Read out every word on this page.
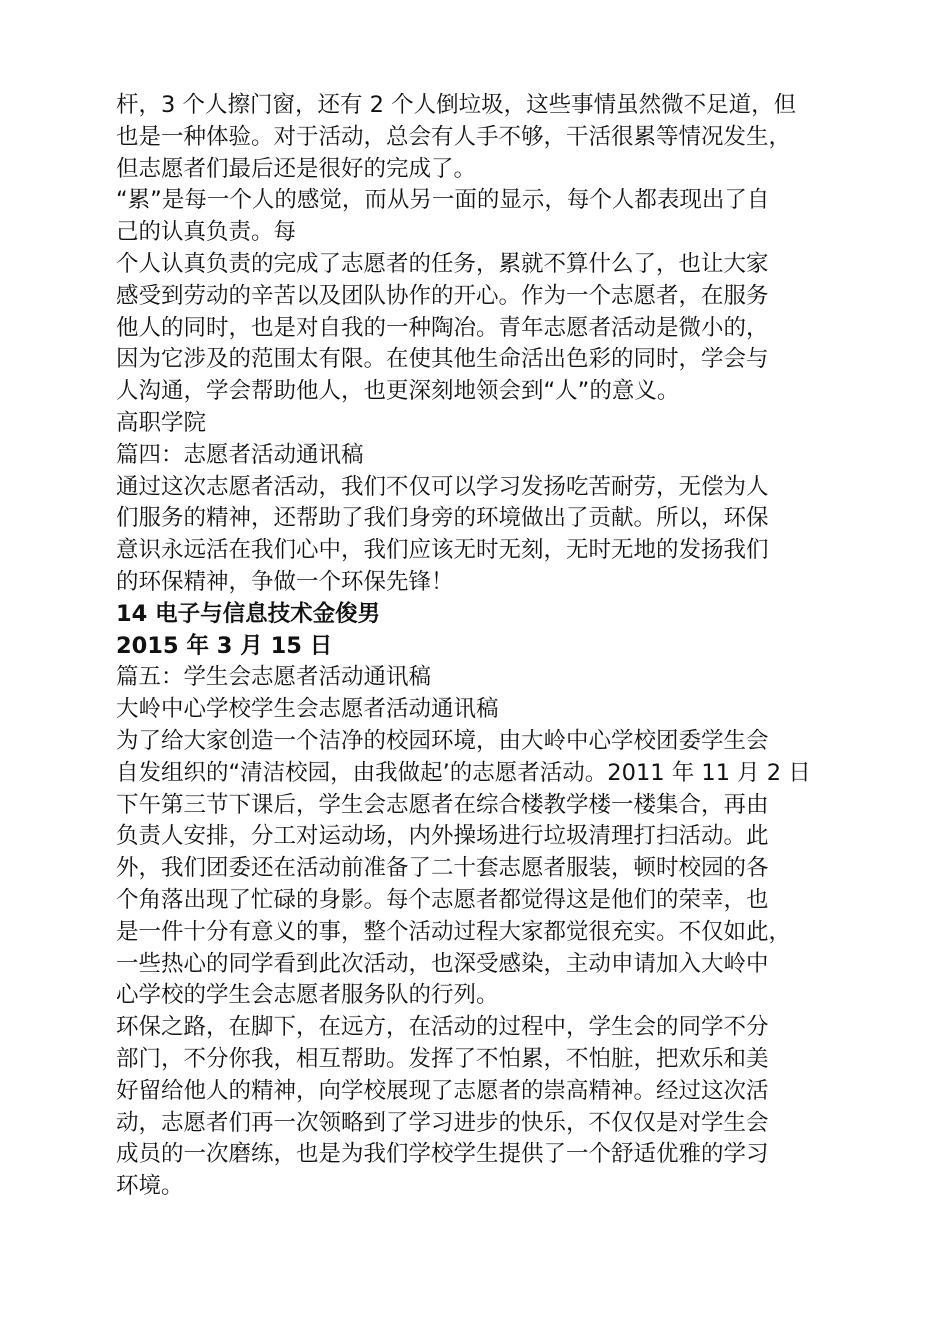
杆，3 个人擦门窗，还有 2 个人倒垃圾，这些事情虽然微不足道，但
也是一种体验。对于活动，总会有人手不够，干活很累等情况发生，
但志愿者们最后还是很好的完成了。
“累”是每一个人的感觉，而从另一面的显示，每个人都表现出了自
己的认真负责。每
个人认真负责的完成了志愿者的任务，累就不算什么了，也让大家
感受到劳动的辛苦以及团队协作的开心。作为一个志愿者，在服务
他人的同时，也是对自我的一种陶冶。青年志愿者活动是微小的，
因为它涉及的范围太有限。在使其他生命活出色彩的同时，学会与
人沟通，学会帮助他人，也更深刻地领会到“人”的意义。
高职学院
篇四：志愿者活动通讯稿
通过这次志愿者活动，我们不仅可以学习发扬吃苦耐劳，无偿为人
们服务的精神，还帮助了我们身旁的环境做出了贡献。所以，环保
意识永远活在我们心中，我们应该无时无刻，无时无地的发扬我们
的环保精神，争做一个环保先锋！
14 电子与信息技术金俊男
2015 年 3 月 15 日
篇五：学生会志愿者活动通讯稿
大岭中心学校学生会志愿者活动通讯稿
为了给大家创造一个洁净的校园环境，由大岭中心学校团委学生会
自发组织的“清洁校园，由我做起’的志愿者活动。2011 年 11 月 2 日
下午第三节下课后，学生会志愿者在综合楼教学楼一楼集合，再由
负责人安排，分工对运动场，内外操场进行垃圾清理打扫活动。此
外，我们团委还在活动前准备了二十套志愿者服装，顿时校园的各
个角落出现了忙碌的身影。每个志愿者都觉得这是他们的荣幸，也
是一件十分有意义的事，整个活动过程大家都觉很充实。不仅如此，
一些热心的同学看到此次活动，也深受感染，主动申请加入大岭中
心学校的学生会志愿者服务队的行列。
环保之路，在脚下，在远方，在活动的过程中，学生会的同学不分
部门，不分你我，相互帮助。发挥了不怕累，不怕脏，把欢乐和美
好留给他人的精神，向学校展现了志愿者的崇高精神。经过这次活
动，志愿者们再一次领略到了学习进步的快乐，不仅仅是对学生会
成员的一次磨练，也是为我们学校学生提供了一个舒适优雅的学习
环境。
